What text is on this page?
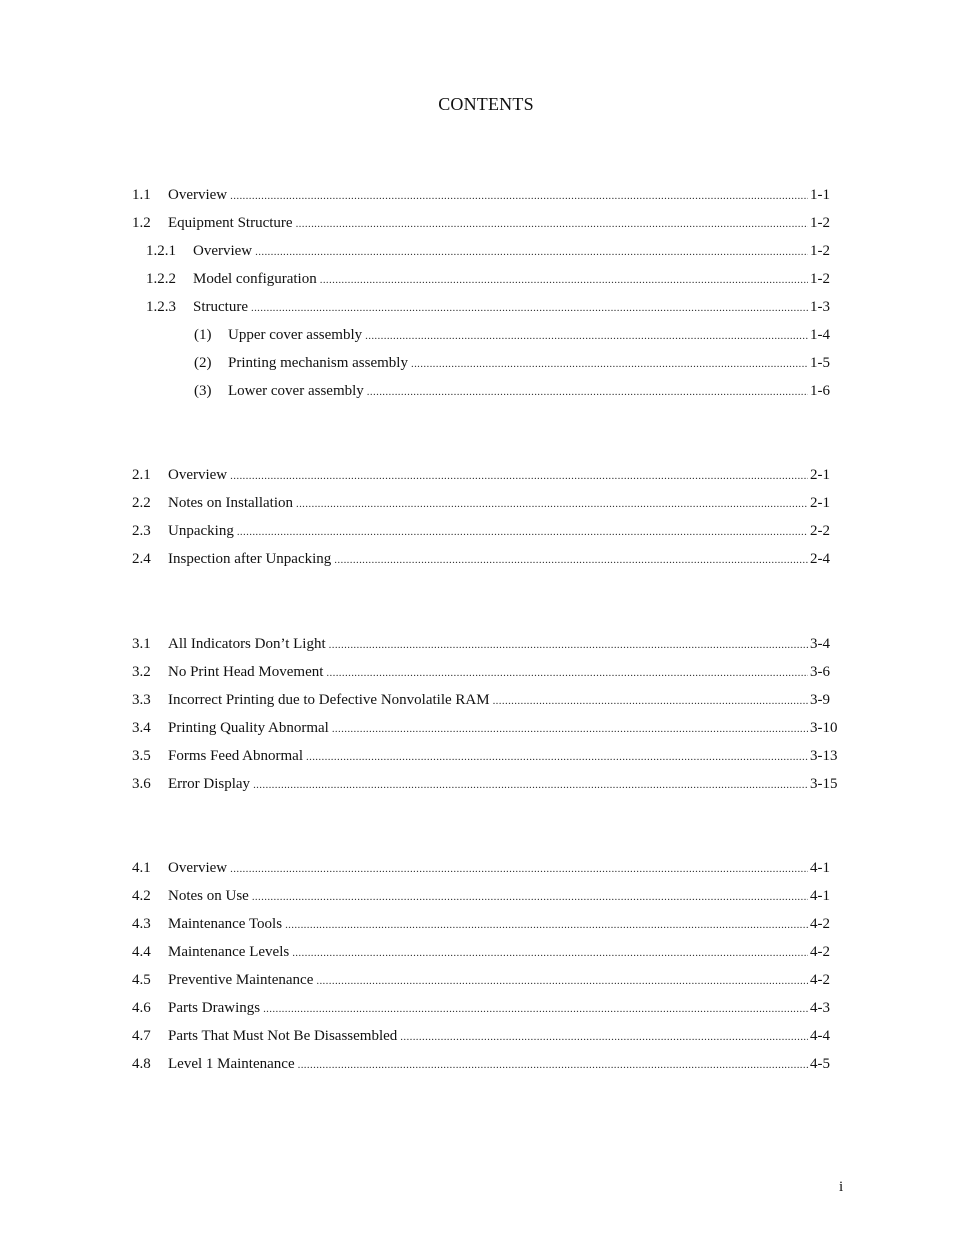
CONTENTS
1.1	Overview . . .	1-1
1.2	Equipment Structure . . .	1-2
1.2.1	Overview . . .	1-2
1.2.2	Model configuration . . .	1-2
1.2.3	Structure . . .	1-3
(1)	Upper cover assembly . . .	1-4
(2)	Printing mechanism assembly . . .	1-5
(3)	Lower cover assembly . . .	1-6
2.1	Overview . . .	2-1
2.2	Notes on Installation . . .	2-1
2.3	Unpacking . . .	2-2
2.4	Inspection after Unpacking . . .	2-4
3.1	All Indicators Don’t Light . . .	3-4
3.2	No Print Head Movement . . .	3-6
3.3	Incorrect Printing due to Defective Nonvolatile RAM . . .	3-9
3.4	Printing Quality Abnormal . . .	3-10
3.5	Forms Feed Abnormal . . .	3-13
3.6	Error Display . . .	3-15
4.1	Overview . . .	4-1
4.2	Notes on Use . . .	4-1
4.3	Maintenance Tools . . .	4-2
4.4	Maintenance Levels . . .	4-2
4.5	Preventive Maintenance . . .	4-2
4.6	Parts Drawings . . .	4-3
4.7	Parts That Must Not Be Disassembled . . .	4-4
4.8	Level 1 Maintenance . . .	4-5
i
